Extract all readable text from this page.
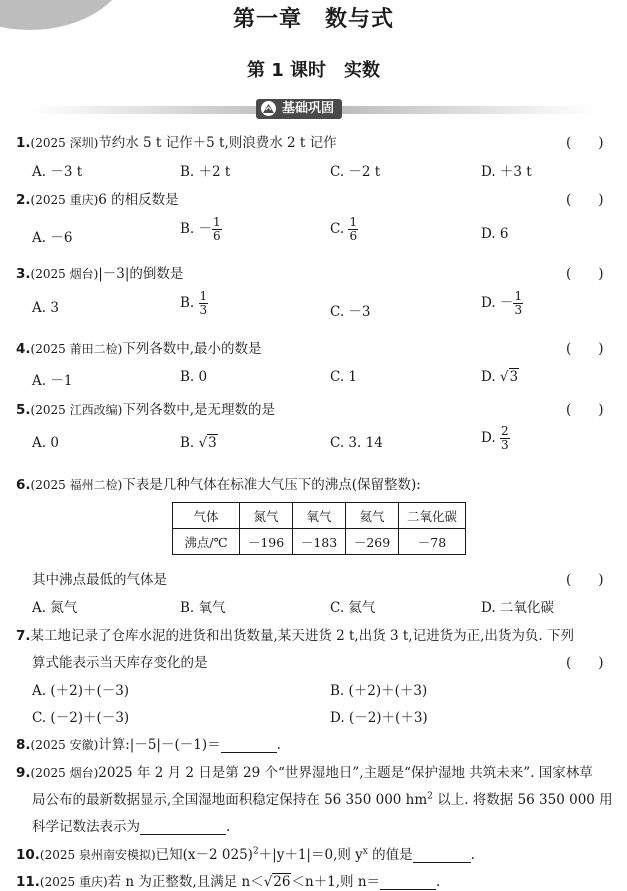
第一章　数与式
第 1 课时　实数
基础巩固
1.(2025 深圳)节约水 5 t 记作＋5 t,则浪费水 2 t 记作	(　　)
A. －3 t	B. ＋2 t	C. －2 t	D. ＋3 t
2.(2025 重庆)6 的相反数是	(　　)
A. －6
B. － $\frac{1}{6}$	C. $\frac{1}{6}$	D. 6
3.(2025 烟台)|－3|的倒数是	(　　)
A. 3	B. $\frac{1}{3}$	C. －3
D. － $\frac{1}{3}$
4.(2025 莆田二检)下列各数中,最小的数是	(　　)
A. －1	B. 0	C. 1	D. √3
5.(2025 江西改编)下列各数中,是无理数的是	(　　)
A. 0	B. √3	C. 3. 14	D. $\frac{2}{3}$
6.(2025 福州二检)下表是几种气体在标准大气压下的沸点(保留整数):
气体	氮气	氧气	氦气	二氧化碳
沸点/℃	－196	－183	－269	－78
其中沸点最低的气体是	(　　)
A. 氮气	B. 氧气	C. 氦气	D. 二氧化碳
7.某工地记录了仓库水泥的进货和出货数量,某天进货 2 t,出货 3 t,记进货为正,出货为负. 下列
算式能表示当天库存变化的是	(　　)
A. (＋2)＋(－3)	B. (＋2)＋(＋3)
C. (－2)＋(－3)	D. (－2)＋(＋3)
8.(2025 安徽)计算:|－5|－(－1)＝	.
9.(2025 烟台)2025 年 2 月 2 日是第 29 个“世界湿地日”,主题是“保护湿地 共筑未来”. 国家林草
局公布的最新数据显示,全国湿地面积稳定保持在 56 350 000 $hm^2$ 以上. 将数据 56 350 000 用
科学记数法表示为	.
10.(2025 泉州南安模拟)已知(x－2 025)$^2$＋|y＋1|＝0,则 $y^x$ 的值是	.
11.(2025 重庆)若 n 为正整数,且满足 n＜√26＜n＋1,则 n＝	.
